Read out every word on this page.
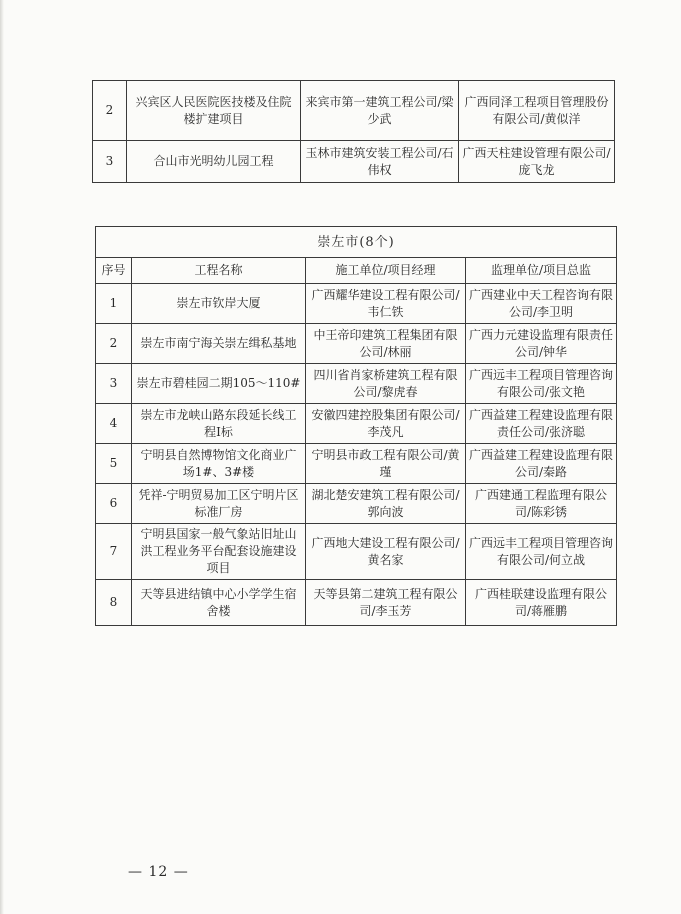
2	兴宾区人民医院医技楼及住院楼扩建项目	来宾市第一建筑工程公司/梁少武	广西同泽工程项目管理股份有限公司/黄似洋
3	合山市光明幼儿园工程	玉林市建筑安装工程公司/石伟权	广西天柱建设管理有限公司/庞飞龙
崇左市(8个)			
序号	工程名称	施工单位/项目经理	监理单位/项目总监
1	崇左市钦岸大厦	广西耀华建设工程有限公司/韦仁铁	广西建业中天工程咨询有限公司/李卫明
2	崇左市南宁海关崇左缉私基地	中王帝印建筑工程集团有限公司/林丽	广西力元建设监理有限责任公司/钟华
3	崇左市碧桂园二期105～110#	四川省肖家桥建筑工程有限公司/黎虎春	广西远丰工程项目管理咨询有限公司/张文艳
4	崇左市龙峡山路东段延长线工程Ⅰ标	安徽四建控股集团有限公司/李茂凡	广西益建工程建设监理有限责任公司/张济聪
5	宁明县自然博物馆文化商业广场1#、3#楼	宁明县市政工程有限公司/黄瑾	广西益建工程建设监理有限公司/秦路
6	凭祥-宁明贸易加工区宁明片区标准厂房	湖北楚安建筑工程有限公司/郭向波	广西建通工程监理有限公司/陈彩锈
7	宁明县国家一般气象站旧址山洪工程业务平台配套设施建设项目	广西地大建设工程有限公司/黄名家	广西远丰工程项目管理咨询有限公司/何立战
8	天等县进结镇中心小学学生宿舍楼	天等县第二建筑工程有限公司/李玉芳	广西桂联建设监理有限公司/蒋雁鹏
— 12 —
